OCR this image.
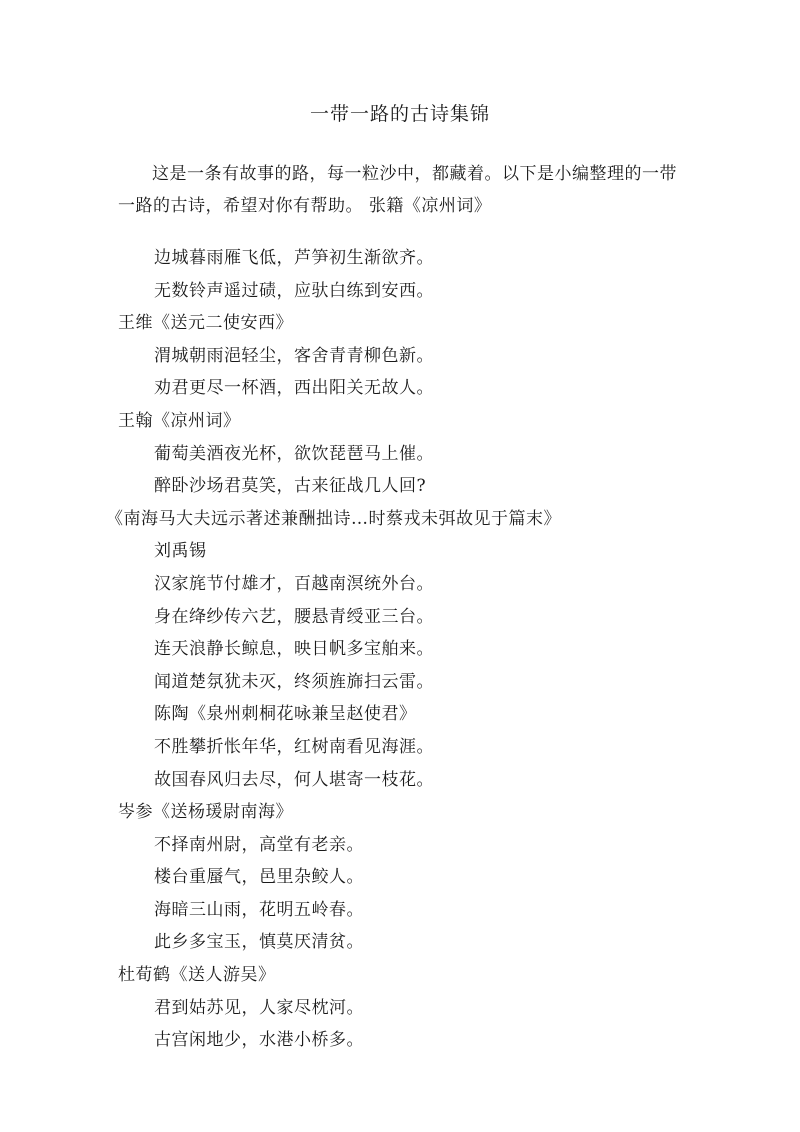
一带一路的古诗集锦
这是一条有故事的路，每一粒沙中，都藏着。以下是小编整理的一带一路的古诗，希望对你有帮助。 张籍《凉州词》
边城暮雨雁飞低，芦笋初生渐欲齐。
无数铃声遥过碛，应驮白练到安西。
王维《送元二使安西》
渭城朝雨浥轻尘，客舍青青柳色新。
劝君更尽一杯酒，西出阳关无故人。
王翰《凉州词》
葡萄美酒夜光杯，欲饮琵琶马上催。
醉卧沙场君莫笑，古来征战几人回?
《南海马大夫远示著述兼酬拙诗…时蔡戎未弭故见于篇末》
刘禹锡
汉家旄节付雄才，百越南溟统外台。
身在绛纱传六艺，腰悬青绶亚三台。
连天浪静长鲸息，映日帆多宝舶来。
闻道楚氛犹未灭，终须旌旆扫云雷。
陈陶《泉州刺桐花咏兼呈赵使君》
不胜攀折怅年华，红树南看见海涯。
故国春风归去尽，何人堪寄一枝花。
岑参《送杨瑗尉南海》
不择南州尉，高堂有老亲。
楼台重蜃气，邑里杂鲛人。
海暗三山雨，花明五岭春。
此乡多宝玉，慎莫厌清贫。
杜荀鹤《送人游吴》
君到姑苏见，人家尽枕河。
古宫闲地少，水港小桥多。
